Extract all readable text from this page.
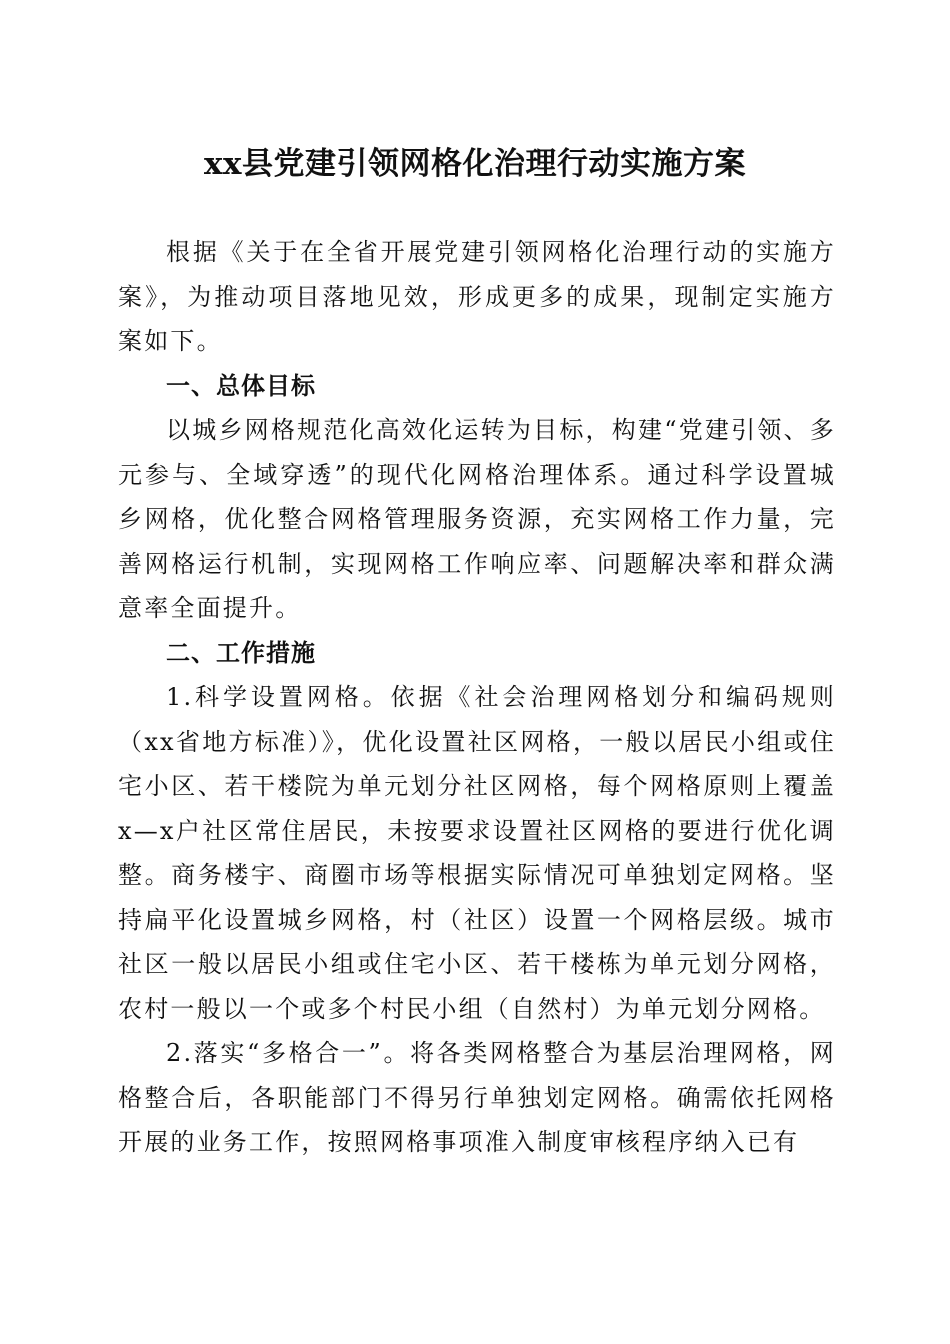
xx县党建引领网格化治理行动实施方案

根据《关于在全省开展党建引领网格化治理行动的实施方案》，为推动项目落地见效，形成更多的成果，现制定实施方案如下。

一、总体目标

以城乡网格规范化高效化运转为目标，构建“党建引领、多元参与、全域穿透”的现代化网格治理体系。通过科学设置城乡网格，优化整合网格管理服务资源，充实网格工作力量，完善网格运行机制，实现网格工作响应率、问题解决率和群众满意率全面提升。

二、工作措施

1.科学设置网格。依据《社会治理网格划分和编码规则（xx省地方标准）》，优化设置社区网格，一般以居民小组或住宅小区、若干楼院为单元划分社区网格，每个网格原则上覆盖x—x户社区常住居民，未按要求设置社区网格的要进行优化调整。商务楼宇、商圈市场等根据实际情况可单独划定网格。坚持扁平化设置城乡网格，村（社区）设置一个网格层级。城市社区一般以居民小组或住宅小区、若干楼栋为单元划分网格，农村一般以一个或多个村民小组（自然村）为单元划分网格。

2.落实“多格合一”。将各类网格整合为基层治理网格，网格整合后，各职能部门不得另行单独划定网格。确需依托网格开展的业务工作，按照网格事项准入制度审核程序纳入已有
